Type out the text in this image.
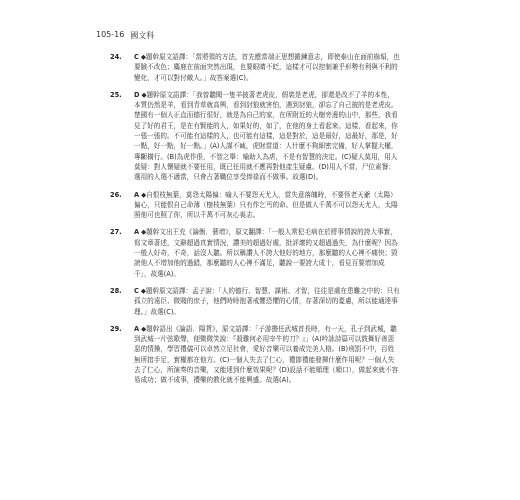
105-16 國文科
24.	C ◆題幹原文語譯：「當將領的方法，首先應當端正思想鍛鍊意志，即使泰山在面前崩塌，也要臉不改色；麋鹿在前面突然出現，也要眼睛不眨，這樣才可以控制兼乎形勢有利與不利的變化，才可以對付敵人。」故答案選(C)。
25.	D ◆題幹原文語譯：「我曾聽聞一隻羊披著老虎皮，假裝是老虎，卻還是改不了羊的本性，本質仍然是羊，看到青草就高興，看到豺狼就害怕，遇到豺狼，卻忘了自己披的是老虎皮。楚國有一個人正直而德行很好，就是為自己的家，在所附近的大樹旁邊的山中，那些，我看見了好的君王，是在有賢能的人，如果好的，如了，在他的身上看起來。這樣，看起來，你一張一張的。不可能有這樣的人，也可能有這樣，這是對於，這是最好，這最好，那是，好一點，好一點，好一點。」(A)人謀不臧，虎財當道：人什麼不夠細密完備，好人掌握大權，專斷橫行。(B)為虎作倀，不智之舉：喻助人為虐，不是有智慧的決定。(C)疑人莫用，用人莫疑：對人懷疑就不要任用，既已任用就不應再對他產生疑慮。(D)用人不當，尸位素餐：選用的人選不適當，只會占著職位享受俸祿而不做事。故選(D)。
26.	A ◆自恨枝無葉，莫怨太陽偏：喻人不要怨天尤人，當失意落魄時，不要怪老天爺（太陽）偏心，只能恨自己命薄（樹枝無葉）只有作乞丐的命。但是做人千萬不可以怨天尤人，太陽照他可也照了你，所以千萬不可灰心喪志。
27.	A ◆題幹文出王充《論衡．藝增》，原文翻譯：「一般人常犯毛病在於將事情說的誇大事實，寫文章著述，文辭超過真實情況，讚美的超過好處，批評壞的又超過過失，為什麼呢？因為一般人好奇，不奇，話沒人聽。所以稱讚人不誇大他好的地方，那麼聽的人心裡不痛快；毀謗他人不增加他的過錯，那麼聽的人心裡不滿足，聽說一要誇大成十，看見百要增加成千」，故選(A)。
28.	C ◆題幹原文語譯：孟子說：「人的德行、智慧、謀術、才智，往往是處在患難之中的：只有孤立的遠臣、微賤的庶子，他們時時抱著戒懼恐懼的心情，存著深切的憂慮，所以能通達事理。」故選(C)。
29.	A ◆題幹語出《論語．陽貨》，原文語譯：「子游擔任武城首長時，有一天，孔子到武城，聽到武城一片弦歌聲，便微微笑說：『殺雞何必用宰牛的刀？』」(A)吟詠詩篇可以鼓舞好善惡惡的情操，學習禮儀可以卓然立足社會，愛好音樂可以養成完美人格。(B)刑罰不中，百姓無所措手足，實權都在他方。(C)一個人失去了仁心，禮節禮能發揮什麼作用呢？一個人失去了仁心，所演奏的音樂，又能達到什麼效果呢？(D)設話不能順理（順口），做起來就不容易成功；做不成事，禮樂的教化就不能興盛。故選(A)。
